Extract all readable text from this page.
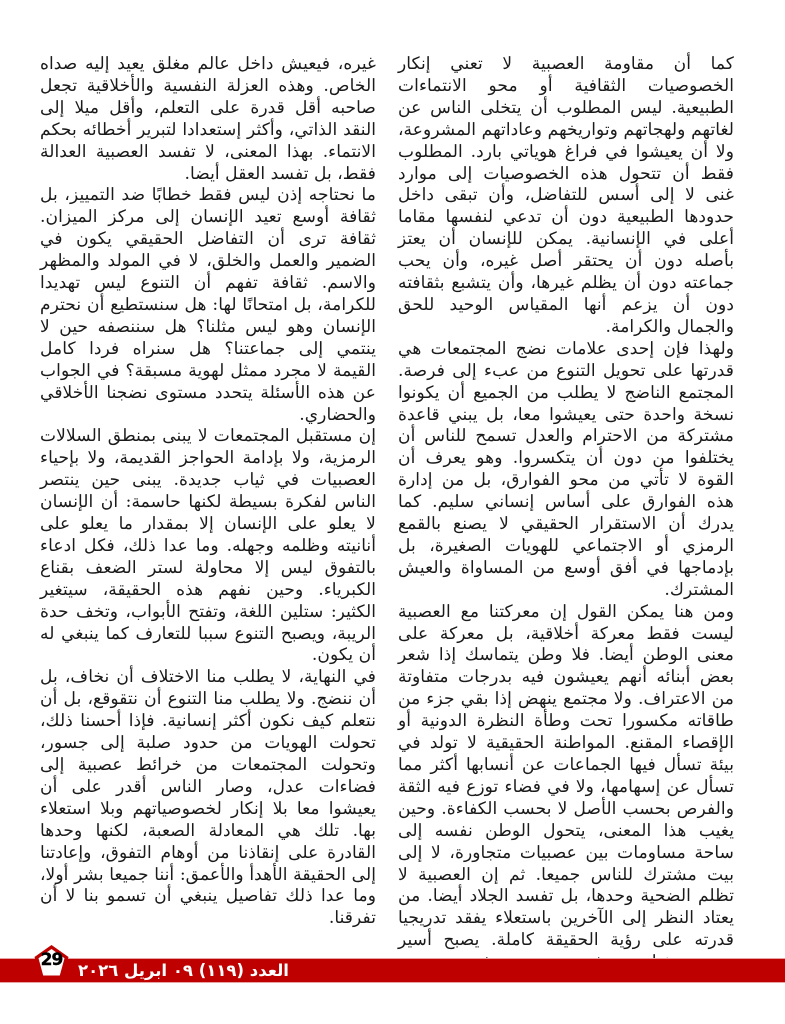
كما أن مقاومة العصبية لا تعني إنكار الخصوصيات الثقافية أو محو الانتماءات الطبيعية. ليس المطلوب أن يتخلى الناس عن لغاتهم ولهجاتهم وتواريخهم وعاداتهم المشروعة، ولا أن يعيشوا في فراغ هوياتي بارد. المطلوب فقط أن تتحول هذه الخصوصيات إلى موارد غنى لا إلى أسس للتفاضل، وأن تبقى داخل حدودها الطبيعية دون أن تدعي لنفسها مقاما أعلى في الإنسانية. يمكن للإنسان أن يعتز بأصله دون أن يحتقر أصل غيره، وأن يحب جماعته دون أن يظلم غيرها، وأن يتشبع بثقافته دون أن يزعم أنها المقياس الوحيد للحق والجمال والكرامة.

ولهذا فإن إحدى علامات نضج المجتمعات هي قدرتها على تحويل التنوع من عبء إلى فرصة. المجتمع الناضج لا يطلب من الجميع أن يكونوا نسخة واحدة حتى يعيشوا معا، بل يبني قاعدة مشتركة من الاحترام والعدل تسمح للناس أن يختلفوا من دون أن يتكسروا. وهو يعرف أن القوة لا تأتي من محو الفوارق، بل من إدارة هذه الفوارق على أساس إنساني سليم. كما يدرك أن الاستقرار الحقيقي لا يصنع بالقمع الرمزي أو الاجتماعي للهويات الصغيرة، بل بإدماجها في أفق أوسع من المساواة والعيش المشترك.

ومن هنا يمكن القول إن معركتنا مع العصبية ليست فقط معركة أخلاقية، بل معركة على معنى الوطن أيضا. فلا وطن يتماسك إذا شعر بعض أبنائه أنهم يعيشون فيه بدرجات متفاوتة من الاعتراف. ولا مجتمع ينهض إذا بقي جزء من طاقاته مكسورا تحت وطأة النظرة الدونية أو الإقصاء المقنع. المواطنة الحقيقية لا تولد في بيئة تسأل فيها الجماعات عن أنسابها أكثر مما تسأل عن إسهامها، ولا في فضاء توزع فيه الثقة والفرص بحسب الأصل لا بحسب الكفاءة. وحين يغيب هذا المعنى، يتحول الوطن نفسه إلى ساحة مساومات بين عصبيات متجاورة، لا إلى بيت مشترك للناس جميعا. ثم إن العصبية لا تظلم الضحية وحدها، بل تفسد الجلاد أيضا. من يعتاد النظر إلى الآخرين باستعلاء يفقد تدريجيا قدرته على رؤية الحقيقة كاملة. يصبح أسير

غيره، فيعيش داخل عالم مغلق يعيد إليه صداه الخاص. وهذه العزلة النفسية والأخلاقية تجعل صاحبه أقل قدرة على التعلم، وأقل ميلا إلى النقد الذاتي، وأكثر إستعدادا لتبرير أخطائه بحكم الانتماء. بهذا المعنى، لا تفسد العصبية العدالة فقط، بل تفسد العقل أيضا.

ما نحتاجه إذن ليس فقط خطابًا ضد التمييز، بل ثقافة أوسع تعيد الإنسان إلى مركز الميزان. ثقافة ترى أن التفاضل الحقيقي يكون في الضمير والعمل والخلق، لا في المولد والمظهر والاسم. ثقافة تفهم أن التنوع ليس تهديدا للكرامة، بل امتحانًا لها: هل سنستطيع أن نحترم الإنسان وهو ليس مثلنا؟ هل سننصفه حين لا ينتمي إلى جماعتنا؟ هل سنراه فردا كامل القيمة لا مجرد ممثل لهوية مسبقة؟ في الجواب عن هذه الأسئلة يتحدد مستوى نضجنا الأخلاقي والحضاري.

إن مستقبل المجتمعات لا يبنى بمنطق السلالات الرمزية، ولا بإدامة الحواجز القديمة، ولا بإحياء العصبيات في ثياب جديدة. يبنى حين ينتصر الناس لفكرة بسيطة لكنها حاسمة: أن الإنسان لا يعلو على الإنسان إلا بمقدار ما يعلو على أنانيته وظلمه وجهله. وما عدا ذلك، فكل ادعاء بالتفوق ليس إلا محاولة لستر الضعف بقناع الكبرياء. وحين نفهم هذه الحقيقة، سيتغير الكثير: ستلين اللغة، وتفتح الأبواب، وتخف حدة الريبة، ويصبح التنوع سببا للتعارف كما ينبغي له أن يكون.

في النهاية، لا يطلب منا الاختلاف أن نخاف، بل أن ننضج. ولا يطلب منا التنوع أن نتقوقع، بل أن نتعلم كيف نكون أكثر إنسانية. فإذا أحسنا ذلك، تحولت الهويات من حدود صلبة إلى جسور، وتحولت المجتمعات من خرائط عصبية إلى فضاءات عدل، وصار الناس أقدر على أن يعيشوا معا بلا إنكار لخصوصياتهم وبلا استعلاء بها. تلك هي المعادلة الصعبة، لكنها وحدها القادرة على إنقاذنا من أوهام التفوق، وإعادتنا إلى الحقيقة الأهدأ والأعمق: أننا جميعا بشر أولا، وما عدا ذلك تفاصيل ينبغي أن تسمو بنا لا أن تفرقنا.

العدد (١١٩) ٠٩ ابريل ٢٠٢٦
29
